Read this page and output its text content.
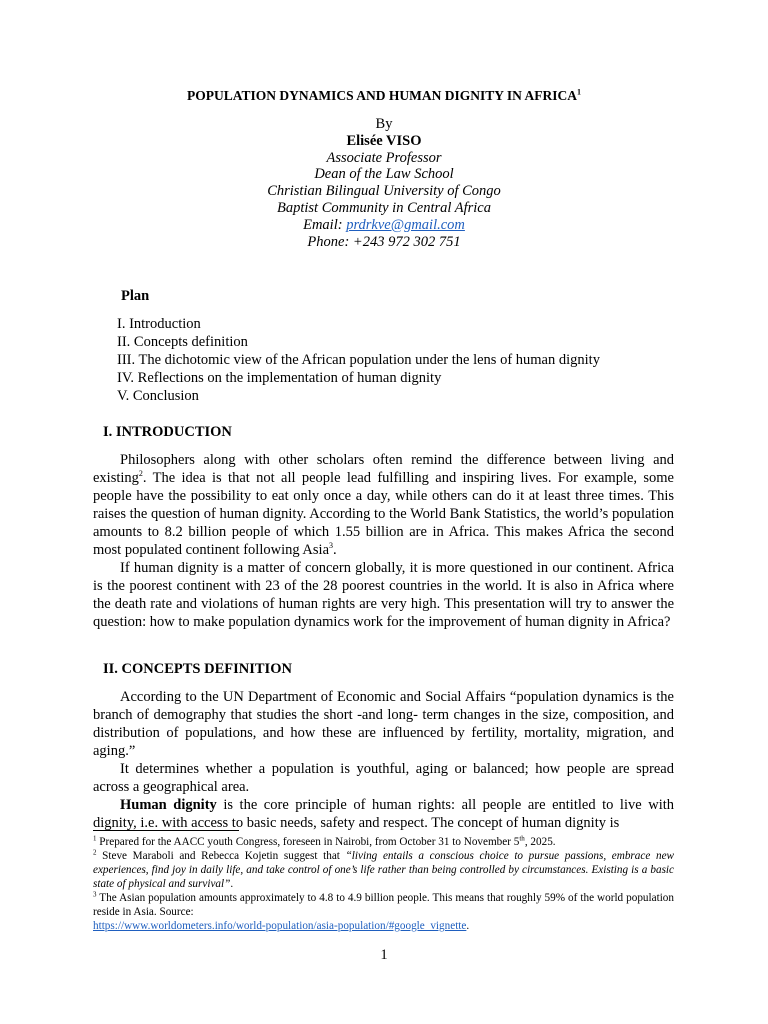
POPULATION DYNAMICS AND HUMAN DIGNITY IN AFRICA$^1$
By
Elisée VISO
Associate Professor
Dean of the Law School
Christian Bilingual University of Congo
Baptist Community in Central Africa
Email: prdrkve@gmail.com
Phone: +243 972 302 751
Plan
I. Introduction
II. Concepts definition
III. The dichotomic view of the African population under the lens of human dignity
IV. Reflections on the implementation of human dignity
V. Conclusion
I. INTRODUCTION

Philosophers along with other scholars often remind the difference between living and existing$^2$. The idea is that not all people lead fulfilling and inspiring lives. For example, some people have the possibility to eat only once a day, while others can do it at least three times. This raises the question of human dignity. According to the World Bank Statistics, the world’s population amounts to 8.2 billion people of which 1.55 billion are in Africa. This makes Africa the second most populated continent following Asia$^3$.

If human dignity is a matter of concern globally, it is more questioned in our continent. Africa is the poorest continent with 23 of the 28 poorest countries in the world. It is also in Africa where the death rate and violations of human rights are very high. This presentation will try to answer the question: how to make population dynamics work for the improvement of human dignity in Africa?

II. CONCEPTS DEFINITION

According to the UN Department of Economic and Social Affairs “population dynamics is the branch of demography that studies the short -and long- term changes in the size, composition, and distribution of populations, and how these are influenced by fertility, mortality, migration, and aging.”

It determines whether a population is youthful, aging or balanced; how people are spread across a geographical area.

Human dignity is the core principle of human rights: all people are entitled to live with dignity, i.e. with access to basic needs, safety and respect. The concept of human dignity is

$^1$ Prepared for the AACC youth Congress, foreseen in Nairobi, from October 31 to November 5th, 2025.

$^2$ Steve Maraboli and Rebecca Kojetin suggest that “living entails a conscious choice to pursue passions, embrace new experiences, find joy in daily life, and take control of one’s life rather than being controlled by circumstances. Existing is a basic state of physical and survival”.

$^3$ The Asian population amounts approximately to 4.8 to 4.9 billion people. This means that roughly 59% of the world population reside in Asia. Source:
https://www.worldometers.info/world-population/asia-population/#google_vignette.

1
